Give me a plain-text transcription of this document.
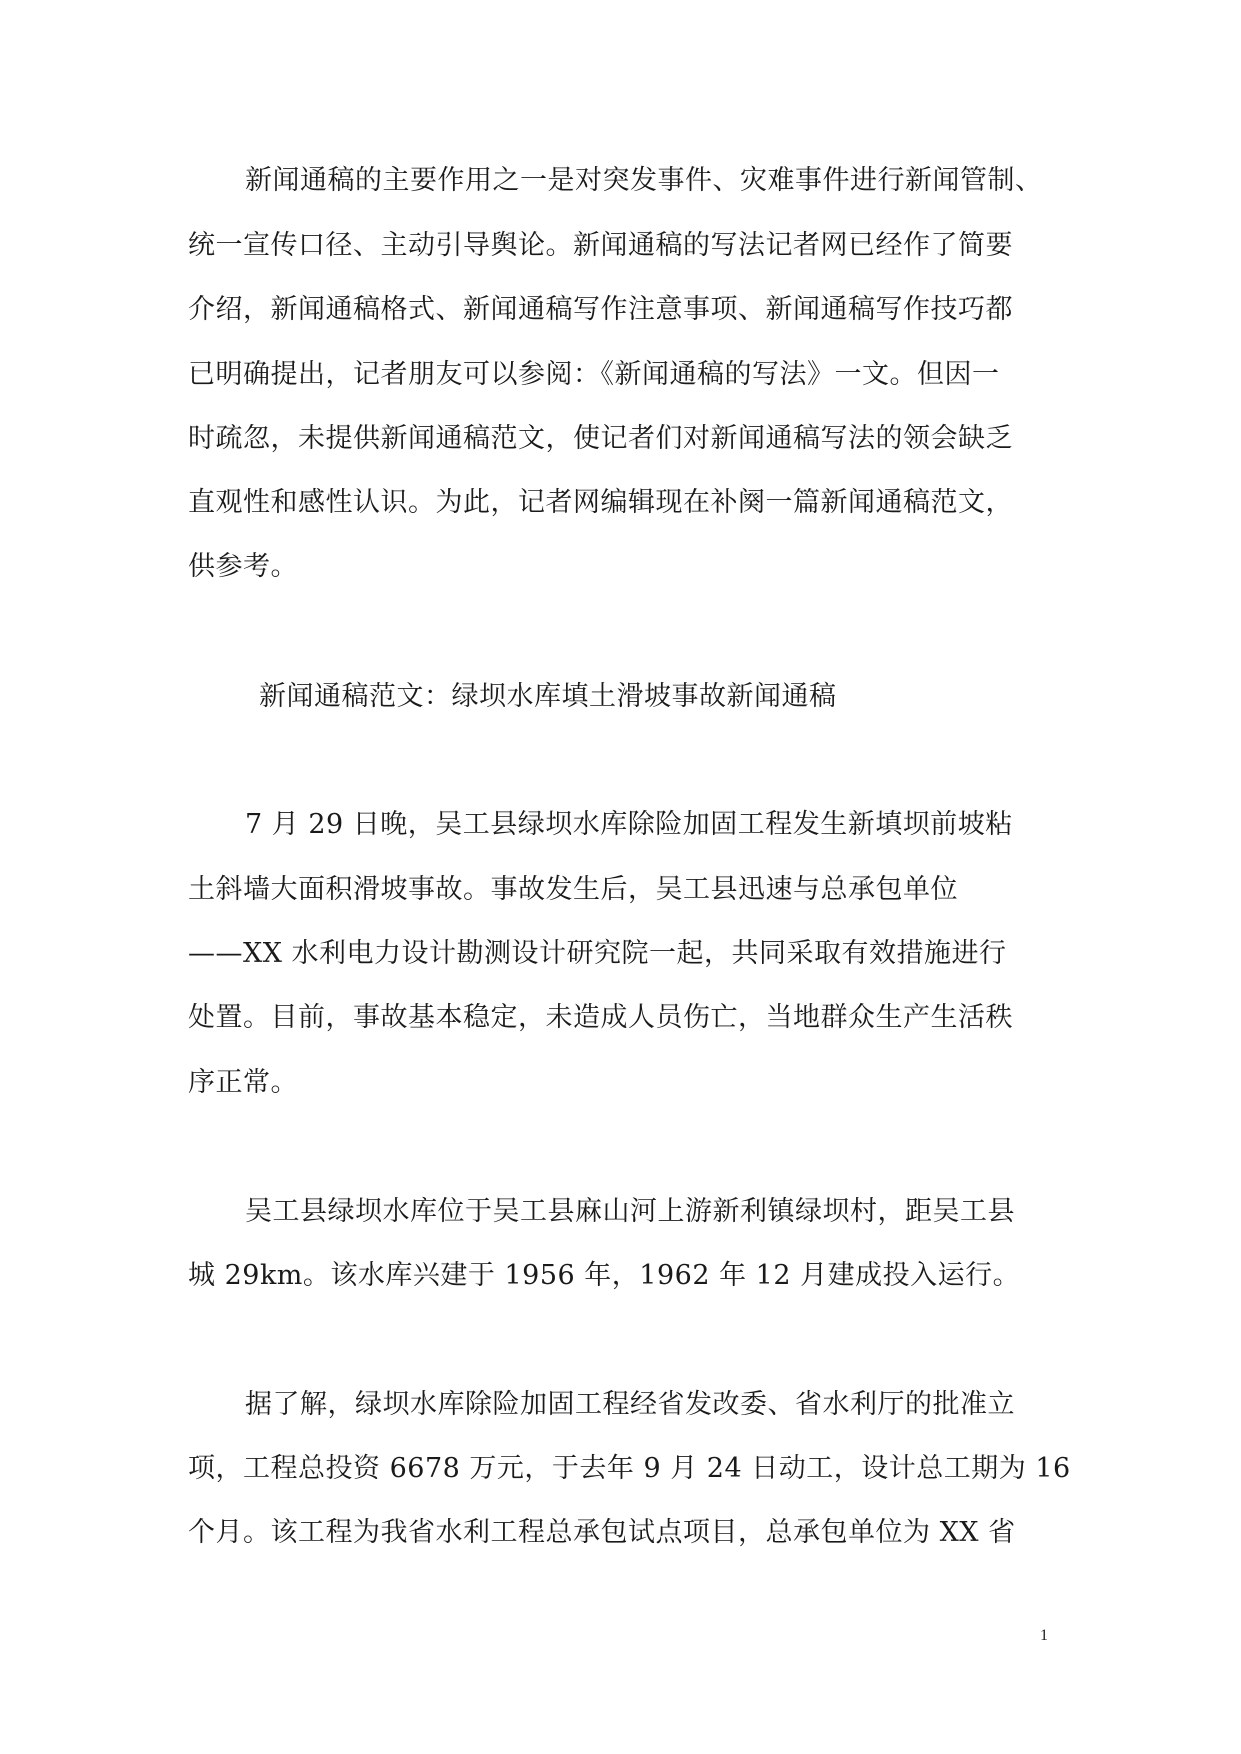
新闻通稿的主要作用之一是对突发事件、灾难事件进行新闻管制、
统一宣传口径、主动引导舆论。新闻通稿的写法记者网已经作了简要
介绍，新闻通稿格式、新闻通稿写作注意事项、新闻通稿写作技巧都
已明确提出，记者朋友可以参阅：《新闻通稿的写法》一文。但因一
时疏忽，未提供新闻通稿范文，使记者们对新闻通稿写法的领会缺乏
直观性和感性认识。为此，记者网编辑现在补阕一篇新闻通稿范文，
供参考。
新闻通稿范文：绿坝水库填土滑坡事故新闻通稿
7 月 29 日晚，吴工县绿坝水库除险加固工程发生新填坝前坡粘
土斜墙大面积滑坡事故。事故发生后，吴工县迅速与总承包单位
——XX 水利电力设计勘测设计研究院一起，共同采取有效措施进行
处置。目前，事故基本稳定，未造成人员伤亡，当地群众生产生活秩
序正常。
吴工县绿坝水库位于吴工县麻山河上游新利镇绿坝村，距吴工县
城 29km。该水库兴建于 1956 年，1962 年 12 月建成投入运行。
据了解，绿坝水库除险加固工程经省发改委、省水利厅的批准立
项，工程总投资 6678 万元，于去年 9 月 24 日动工，设计总工期为 16
个月。该工程为我省水利工程总承包试点项目，总承包单位为 XX 省
1
